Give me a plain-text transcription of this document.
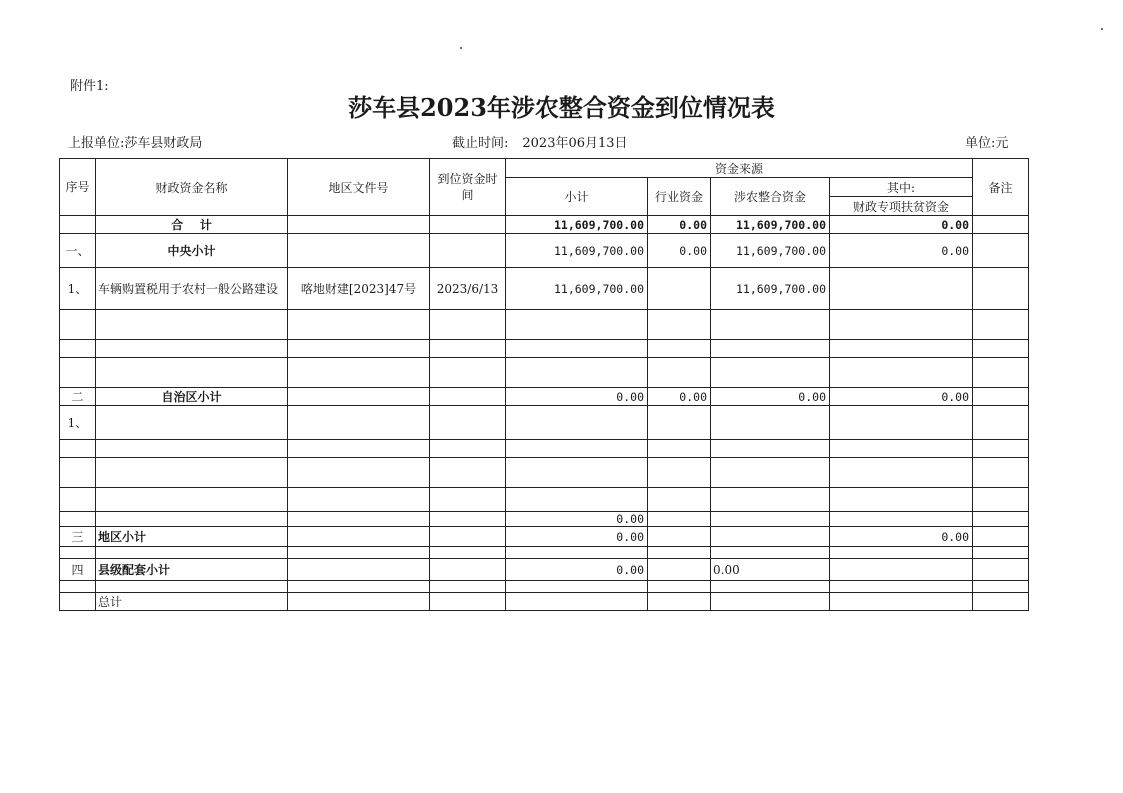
附件1:
莎车县2023年涉农整合资金到位情况表
上报单位:莎车县财政局	截止时间: 2023年06月13日	单位:元
序号	财政资金名称	地区文件号	到位资金时间	资金来源				备注
				小计	行业资金	涉农整合资金	其中:	
							财政专项扶贫资金	
	合    计			11,609,700.00	0.00	11,609,700.00	0.00	
一、	中央小计			11,609,700.00	0.00	11,609,700.00	0.00	
1、	车辆购置税用于农村一般公路建设	喀地财建[2023]47号	2023/6/13	11,609,700.00		11,609,700.00		

二	自治区小计			0.00	0.00	0.00	0.00	
1、								

				0.00				
三	地区小计			0.00			0.00	

四	县级配套小计			0.00		0.00		

	总计							
